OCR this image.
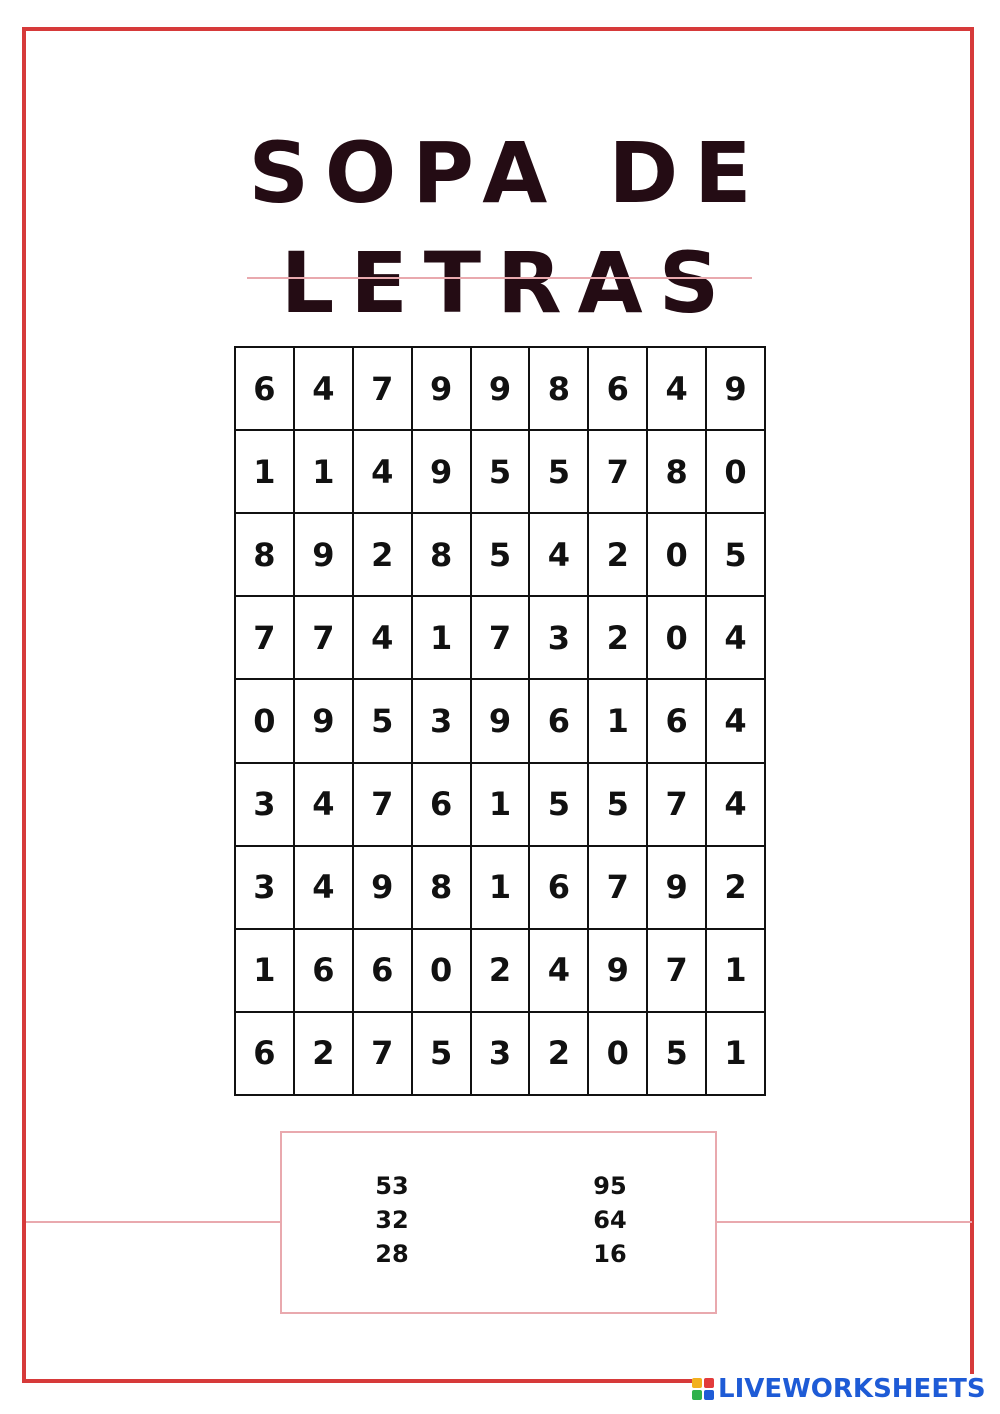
SOPA DE LETRAS
6	4	7	9	9	8	6	4	9
1	1	4	9	5	5	7	8	0
8	9	2	8	5	4	2	0	5
7	7	4	1	7	3	2	0	4
0	9	5	3	9	6	1	6	4
3	4	7	6	1	5	5	7	4
3	4	9	8	1	6	7	9	2
1	6	6	0	2	4	9	7	1
6	2	7	5	3	2	0	5	1
53
32
28
95
64
16
LIVEWORKSHEETS
